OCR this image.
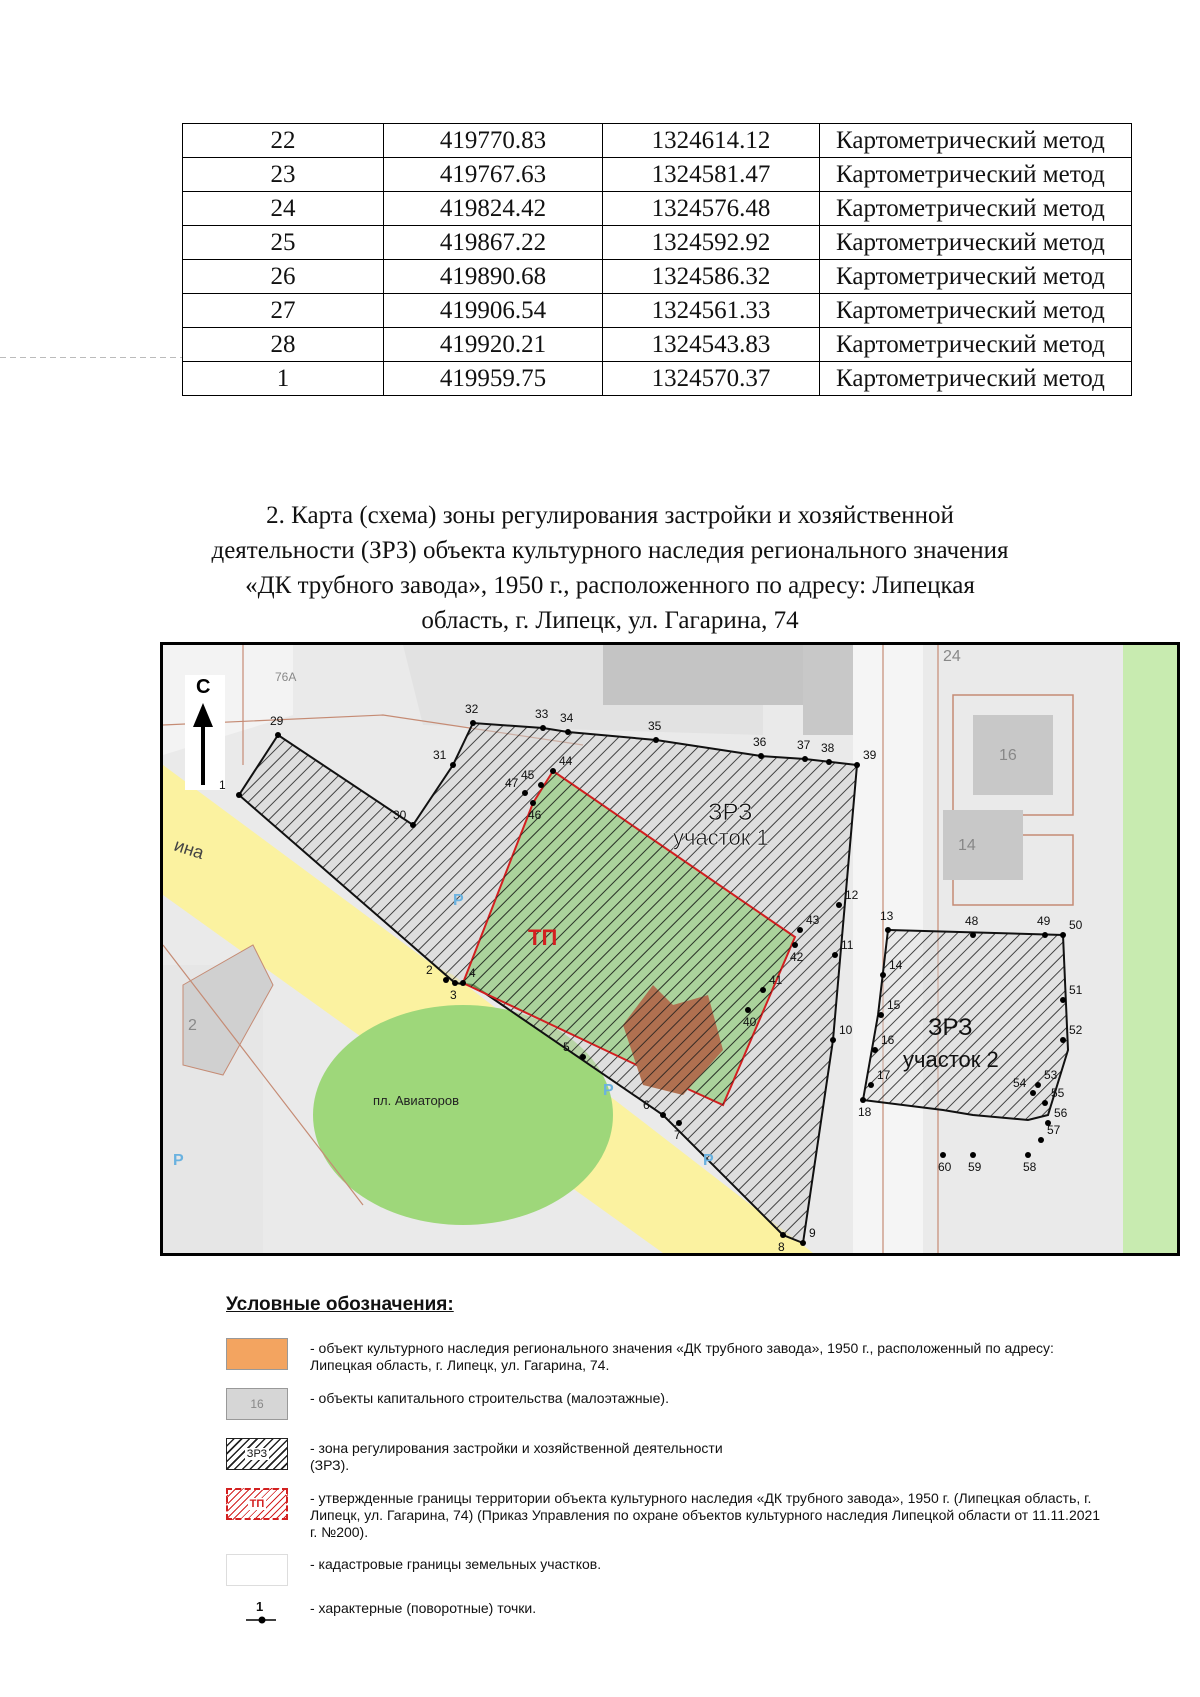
22	419770.83	1324614.12	Картометрический метод
23	419767.63	1324581.47	Картометрический метод
24	419824.42	1324576.48	Картометрический метод
25	419867.22	1324592.92	Картометрический метод
26	419890.68	1324586.32	Картометрический метод
27	419906.54	1324561.33	Картометрический метод
28	419920.21	1324543.83	Картометрический метод
1	419959.75	1324570.37	Картометрический метод
2. Карта (схема) зоны регулирования застройки и хозяйственной
деятельности (ЗРЗ) объекта культурного наследия регионального значения
«ДК трубного завода», 1950 г., расположенного по адресу: Липецкая
область, г. Липецк, ул. Гагарина, 74
ЗРЗ
участок 1
ЗРЗ
участок 2
ТП
пл. Авиаторов
ина
16
14
2
24
76А
P
P
P
P
С
1
2
3
4
5
6
7
8
9
10
11
12
13
14
15
16
17
18
29
30
31
32	33 34
35
36	37 38 39
40
41
42
43
44
45
46
47
48	49 50
51
52
53
54
55
56
57
58
59
60
Условные обозначения:
- объект культурного наследия регионального значения «ДК трубного завода», 1950 г., расположенный по адресу: Липецкая область, г. Липецк, ул. Гагарина, 74.
16	- объекты капитального строительства (малоэтажные).
ЗРЗ	- зона регулирования застройки и хозяйственной деятельности (ЗРЗ).
ТП	- утвержденные границы территории объекта культурного наследия «ДК трубного завода», 1950 г. (Липецкая область, г. Липецк, ул. Гагарина, 74) (Приказ Управления по охране объектов культурного наследия Липецкой области от 11.11.2021 г. №200).
- кадастровые границы земельных участков.
1	- характерные (поворотные) точки.
